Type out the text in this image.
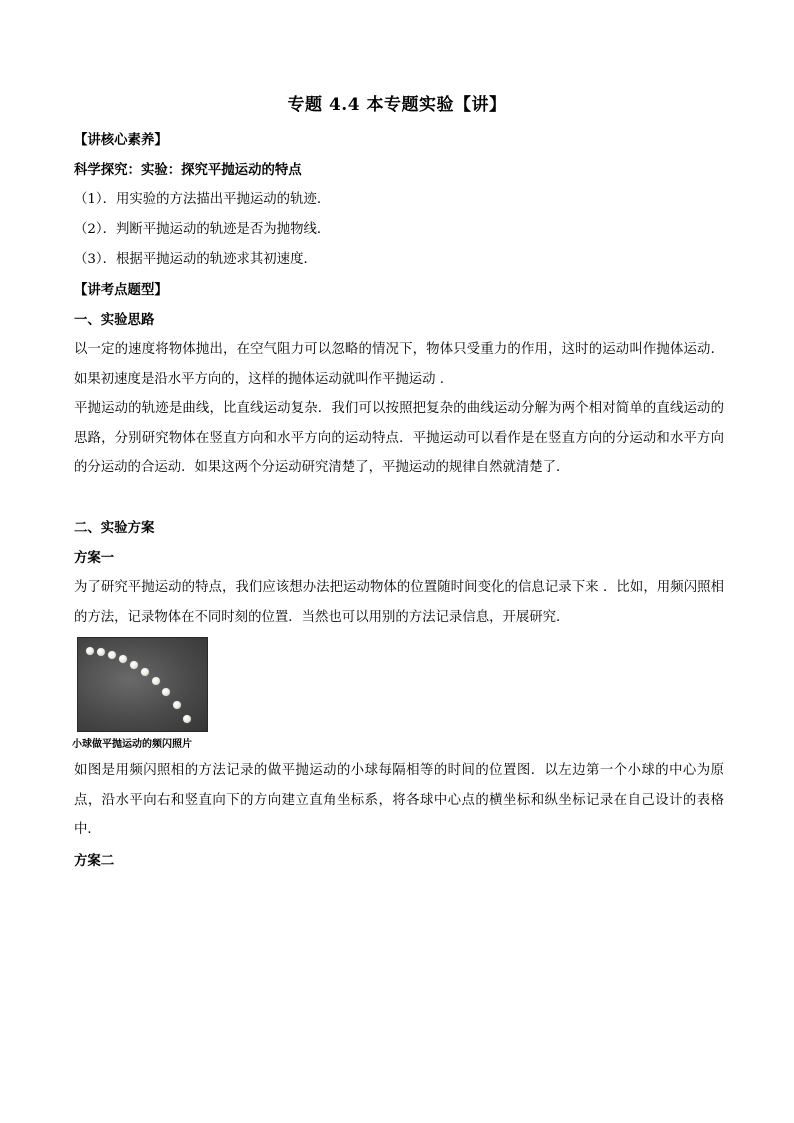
专题 4.4 本专题实验【讲】
【讲核心素养】
科学探究：实验：探究平抛运动的特点
（1）．用实验的方法描出平抛运动的轨迹．
（2）．判断平抛运动的轨迹是否为抛物线．
（3）．根据平抛运动的轨迹求其初速度．
【讲考点题型】
一、实验思路
以一定的速度将物体抛出，在空气阻力可以忽略的情况下，物体只受重力的作用，这时的运动叫作抛体运动．如果初速度是沿水平方向的，这样的抛体运动就叫作平抛运动 .
平抛运动的轨迹是曲线，比直线运动复杂．我们可以按照把复杂的曲线运动分解为两个相对简单的直线运动的思路，分别研究物体在竖直方向和水平方向的运动特点．平抛运动可以看作是在竖直方向的分运动和水平方向的分运动的合运动．如果这两个分运动研究清楚了，平抛运动的规律自然就清楚了．
二、实验方案
方案一
为了研究平抛运动的特点，我们应该想办法把运动物体的位置随时间变化的信息记录下来 ．比如，用频闪照相的方法，记录物体在不同时刻的位置．当然也可以用别的方法记录信息，开展研究．
小球做平抛运动的频闪照片
如图是用频闪照相的方法记录的做平抛运动的小球每隔相等的时间的位置图．以左边第一个小球的中心为原点，沿水平向右和竖直向下的方向建立直角坐标系，将各球中心点的横坐标和纵坐标记录在自己设计的表格中．
方案二
